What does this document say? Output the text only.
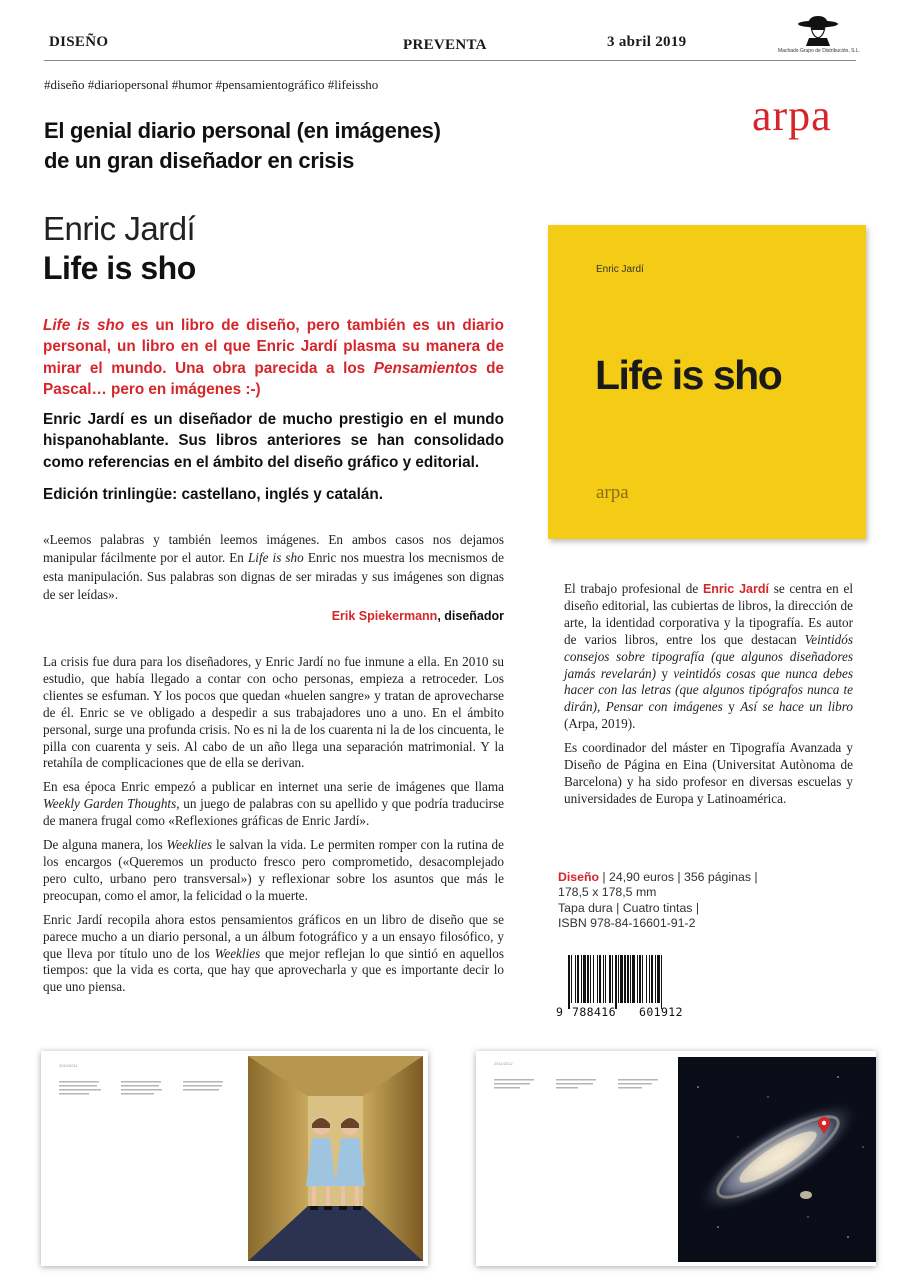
DISEÑO	PREVENTA	3 abril 2019
Machado Grupo de Distribución, S.L.
#diseño #diariopersonal #humor #pensamientográfico #lifeissho
arpa
El genial diario personal (en imágenes)
de un gran diseñador en crisis
Enric Jardí
Life is sho
Life is sho es un libro de diseño, pero también es un diario personal, un libro en el que Enric Jardí plasma su manera de mirar el mundo. Una obra parecida a los Pensamientos de Pascal… pero en imágenes :-)
Enric Jardí es un diseñador de mucho prestigio en el mundo hispanohablante. Sus libros anteriores se han consolidado como referencias en el ámbito del diseño gráfico y editorial.
Edición trinlingüe: castellano, inglés y catalán.
«Leemos palabras y también leemos imágenes. En ambos casos nos dejamos manipular fácilmente por el autor. En Life is sho Enric nos muestra los mecnismos de esta manipulación. Sus palabras son dignas de ser miradas y sus imágenes son dignas de ser leídas».
Erik Spiekermann, diseñador

La crisis fue dura para los diseñadores, y Enric Jardí no fue inmune a ella. En 2010 su estudio, que había llegado a contar con ocho personas, empieza a retroceder. Los clientes se esfuman. Y los pocos que quedan «huelen sangre» y tratan de aprovecharse de él. Enric se ve obligado a despedir a sus trabajadores uno a uno. En el ámbito personal, surge una profunda crisis. No es ni la de los cuarenta ni la de los cincuenta, le pilla con cuarenta y seis. Al cabo de un año llega una separación matrimonial. Y la retahíla de complicaciones que de ella se derivan.

En esa época Enric empezó a publicar en internet una serie de imágenes que llama Weekly Garden Thoughts, un juego de palabras con su apellido y que podría traducirse de manera frugal como «Reflexiones gráficas de Enric Jardí».

De alguna manera, los Weeklies le salvan la vida. Le permiten romper con la rutina de los encargos («Queremos un producto fresco pero comprometido, desacomplejado pero culto, urbano pero transversal») y reflexionar sobre los asuntos que más le preocupan, como el amor, la felicidad o la muerte.

Enric Jardí recopila ahora estos pensamientos gráficos en un libro de diseño que se parece mucho a un diario personal, a un álbum fotográfico y a un ensayo filosófico, y que lleva por título uno de los Weeklies que mejor reflejan lo que sintió en aquellos tiempos: que la vida es corta, que hay que aprovecharla y que es importante decir lo que uno piensa.

Enric Jardí
Life is sho
arpa

El trabajo profesional de Enric Jardí se centra en el diseño editorial, las cubiertas de libros, la dirección de arte, la identidad corporativa y la tipografía. Es autor de varios libros, entre los que destacan Veintidós consejos sobre tipografía (que algunos diseñadores jamás revelarán) y veintidós cosas que nunca debes hacer con las letras (que algunos tipógrafos nunca te dirán), Pensar con imágenes y Así se hace un libro (Arpa, 2019).

Es coordinador del máster en Tipografía Avanzada y Diseño de Página en Eina (Universitat Autònoma de Barcelona) y ha sido profesor en diversas escuelas y universidades de Europa y Latinoamérica.

Diseño | 24,90 euros | 356 páginas |
178,5 x 178,5 mm
Tapa dura | Cuatro tintas |
ISBN 978-84-16601-91-2
9 788416 601912
2010/2011	2011/2012
